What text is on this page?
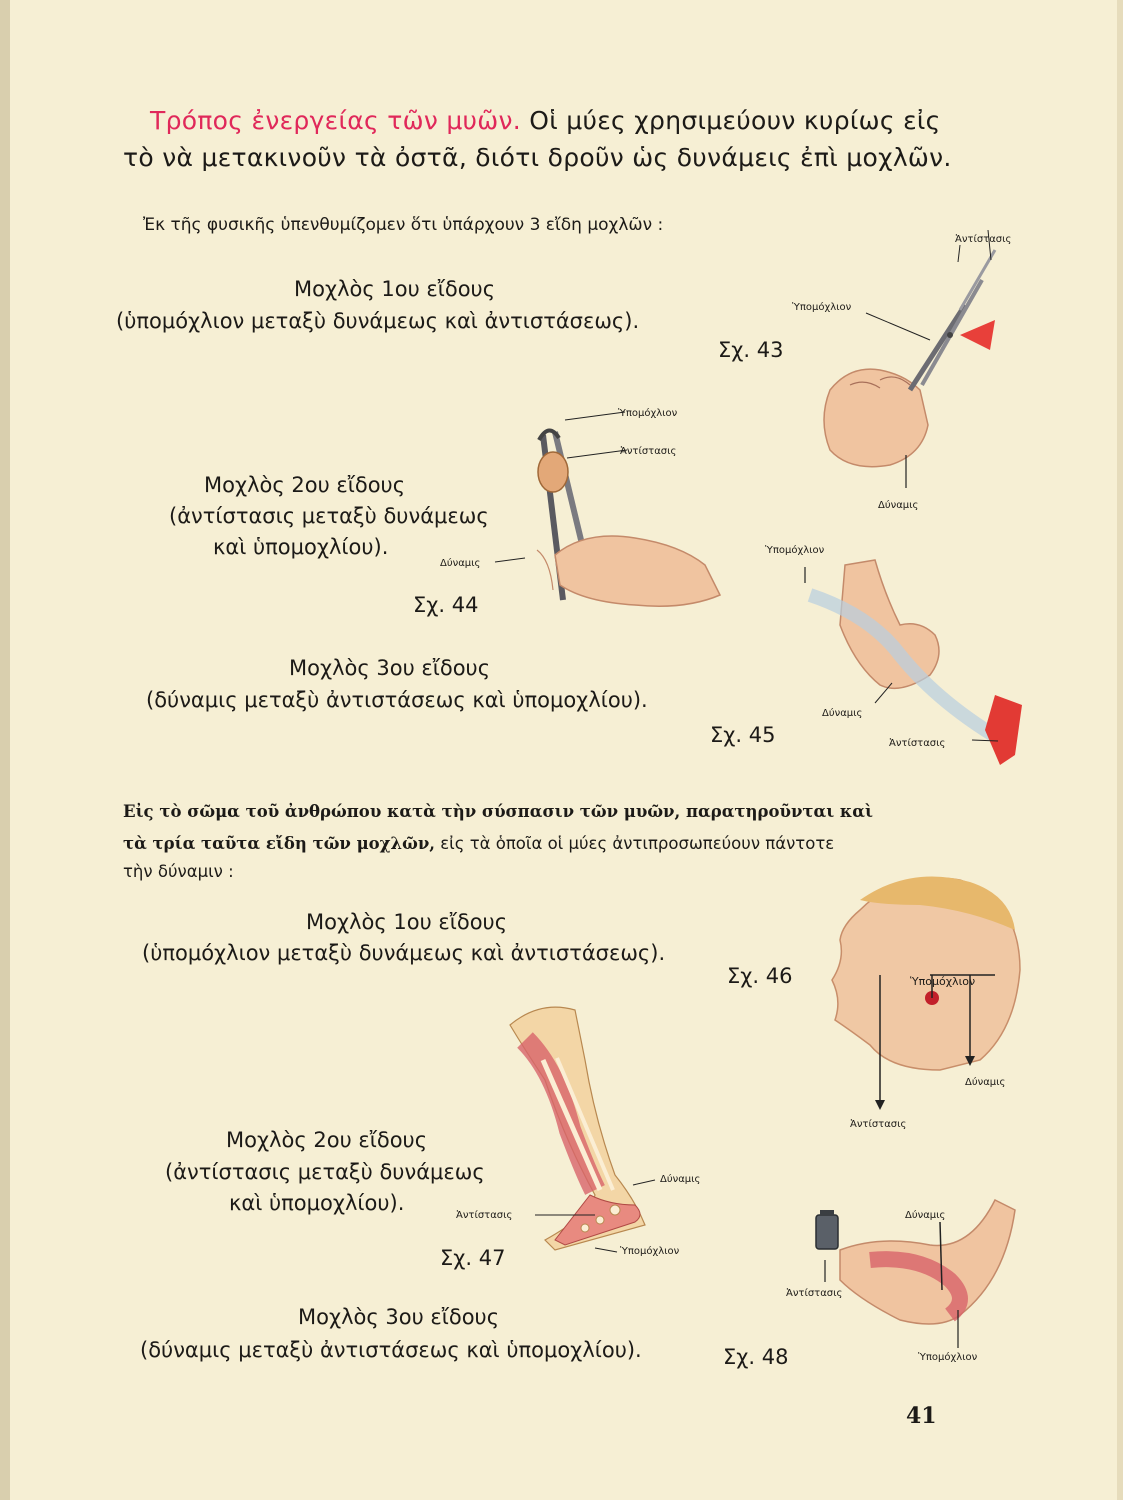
Τρόπος ἐνεργείας τῶν μυῶν. Οἱ μύες χρησιμεύουν κυρίως εἰς
τὸ νὰ μετακινοῦν τὰ ὀστᾶ, διότι δροῦν ὡς δυνάμεις ἐπὶ μοχλῶν.
Ἐκ τῆς φυσικῆς ὑπενθυμίζομεν ὅτι ὑπάρχουν 3 εἴδη μοχλῶν :
Μοχλὸς 1ου εἴδους
(ὑπομόχλιον μεταξὺ δυνάμεως καὶ ἀντιστάσεως).
Μοχλὸς 2ου εἴδους
(ἀντίστασις μεταξὺ δυνάμεως
καὶ ὑπομοχλίου).
Μοχλὸς 3ου εἴδους
(δύναμις μεταξὺ ἀντιστάσεως καὶ ὑπομοχλίου).
Εἰς τὸ σῶμα τοῦ ἀνθρώπου κατὰ τὴν σύσπασιν τῶν μυῶν, παρατηροῦνται καὶ
τὰ τρία ταῦτα εἴδη τῶν μοχλῶν, εἰς τὰ ὁποῖα οἱ μύες ἀντιπροσωπεύουν πάντοτε
τὴν δύναμιν :
Μοχλὸς 1ου εἴδους
(ὑπομόχλιον μεταξὺ δυνάμεως καὶ ἀντιστάσεως).
Μοχλὸς 2ου εἴδους
(ἀντίστασις μεταξὺ δυνάμεως
καὶ ὑπομοχλίου).
Μοχλὸς 3ου εἴδους
(δύναμις μεταξὺ ἀντιστάσεως καὶ ὑπομοχλίου).
Ἀντίστασις
Ὑπομόχλιον
Δύναμις
Σχ. 43
Ὑπομόχλιον
Ἀντίστασις
Δύναμις
Σχ. 44
Ὑπομόχλιον
Δύναμις
Ἀντίστασις
Σχ. 45
Ὑπομόχλιον
Δύναμις
Ἀντίστασις
Σχ. 46
Δύναμις
Ἀντίστασις
Ὑπομόχλιον
Σχ. 47
Δύναμις
Ἀντίστασις
Ὑπομόχλιον
Σχ. 48
41
